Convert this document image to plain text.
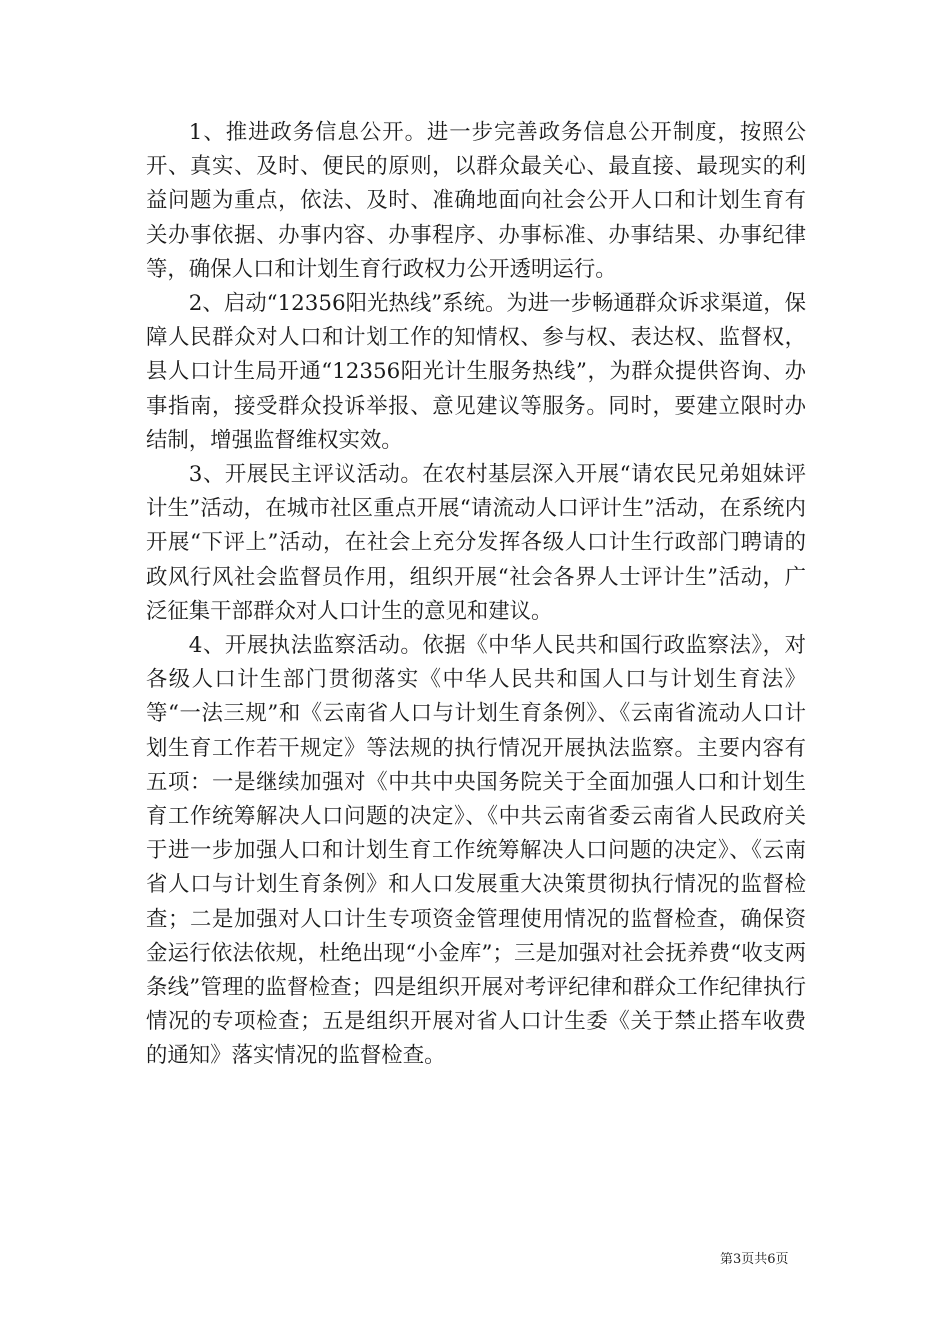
1、推进政务信息公开。进一步完善政务信息公开制度，按照公开、真实、及时、便民的原则，以群众最关心、最直接、最现实的利益问题为重点，依法、及时、准确地面向社会公开人口和计划生育有关办事依据、办事内容、办事程序、办事标准、办事结果、办事纪律等，确保人口和计划生育行政权力公开透明运行。

2、启动“12356阳光热线”系统。为进一步畅通群众诉求渠道，保障人民群众对人口和计划工作的知情权、参与权、表达权、监督权，县人口计生局开通“12356阳光计生服务热线”，为群众提供咨询、办事指南，接受群众投诉举报、意见建议等服务。同时，要建立限时办结制，增强监督维权实效。

3、开展民主评议活动。在农村基层深入开展“请农民兄弟姐妹评计生”活动，在城市社区重点开展“请流动人口评计生”活动，在系统内开展“下评上”活动，在社会上充分发挥各级人口计生行政部门聘请的政风行风社会监督员作用，组织开展“社会各界人士评计生”活动，广泛征集干部群众对人口计生的意见和建议。

4、开展执法监察活动。依据《中华人民共和国行政监察法》，对各级人口计生部门贯彻落实《中华人民共和国人口与计划生育法》等“一法三规”和《云南省人口与计划生育条例》、《云南省流动人口计划生育工作若干规定》等法规的执行情况开展执法监察。主要内容有五项：一是继续加强对《中共中央国务院关于全面加强人口和计划生育工作统筹解决人口问题的决定》、《中共云南省委云南省人民政府关于进一步加强人口和计划生育工作统筹解决人口问题的决定》、《云南省人口与计划生育条例》和人口发展重大决策贯彻执行情况的监督检查；二是加强对人口计生专项资金管理使用情况的监督检查，确保资金运行依法依规，杜绝出现“小金库”；三是加强对社会抚养费“收支两条线”管理的监督检查；四是组织开展对考评纪律和群众工作纪律执行情况的专项检查；五是组织开展对省人口计生委《关于禁止搭车收费的通知》落实情况的监督检查。

第3页共6页
